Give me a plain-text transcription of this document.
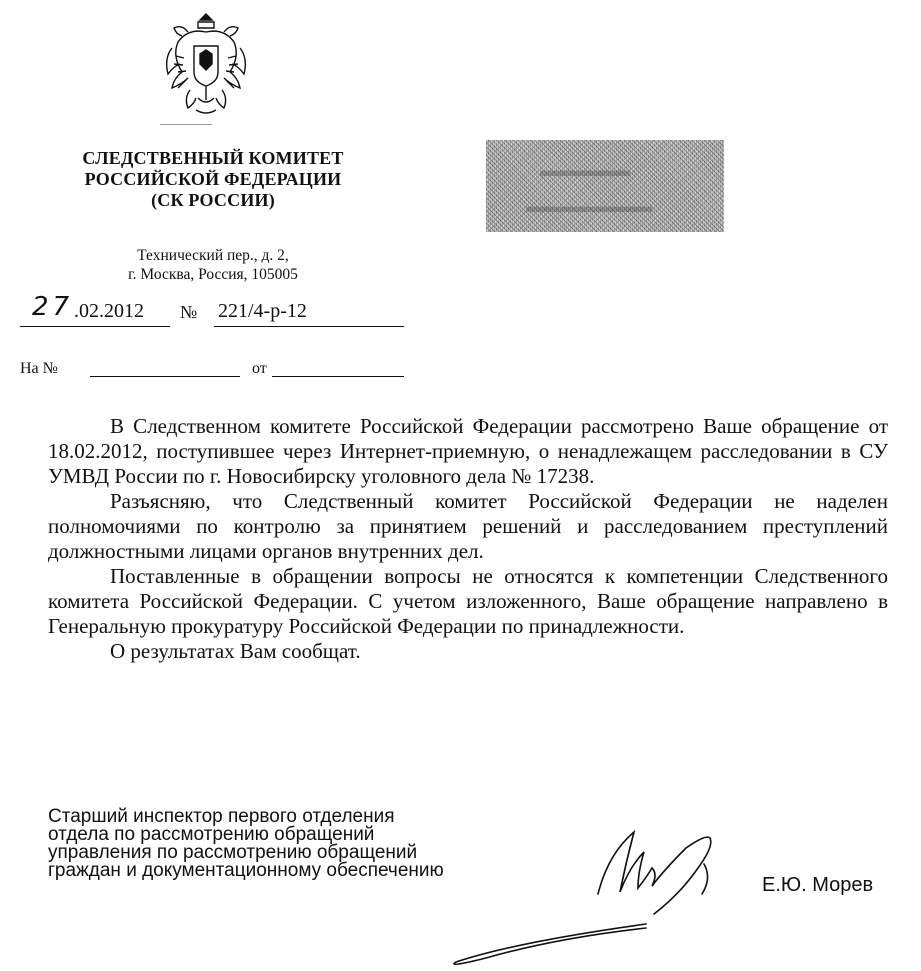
СЛЕДСТВЕННЫЙ КОМИТЕТ
РОССИЙСКОЙ ФЕДЕРАЦИИ
(СК РОССИИ)
Технический пер., д. 2,
г. Москва, Россия, 105005
27 .02.2012 № 221/4-р-12
На №	от
▬▬▬▬▬
▬▬▬▬▬▬▬

В Следственном комитете Российской Федерации рассмотрено Ваше обращение от 18.02.2012, поступившее через Интернет-приемную, о ненадлежащем расследовании в СУ УМВД России по г. Новосибирску уголовного дела № 17238.

Разъясняю, что Следственный комитет Российской Федерации не наделен полномочиями по контролю за принятием решений и расследованием преступлений должностными лицами органов внутренних дел.

Поставленные в обращении вопросы не относятся к компетенции Следственного комитета Российской Федерации. С учетом изложенного, Ваше обращение направлено в Генеральную прокуратуру Российской Федерации по принадлежности.

О результатах Вам сообщат.

Старший инспектор первого отделения
отдела по рассмотрению обращений
управления по рассмотрению обращений
граждан и документационному обеспечению
Е.Ю. Морев
